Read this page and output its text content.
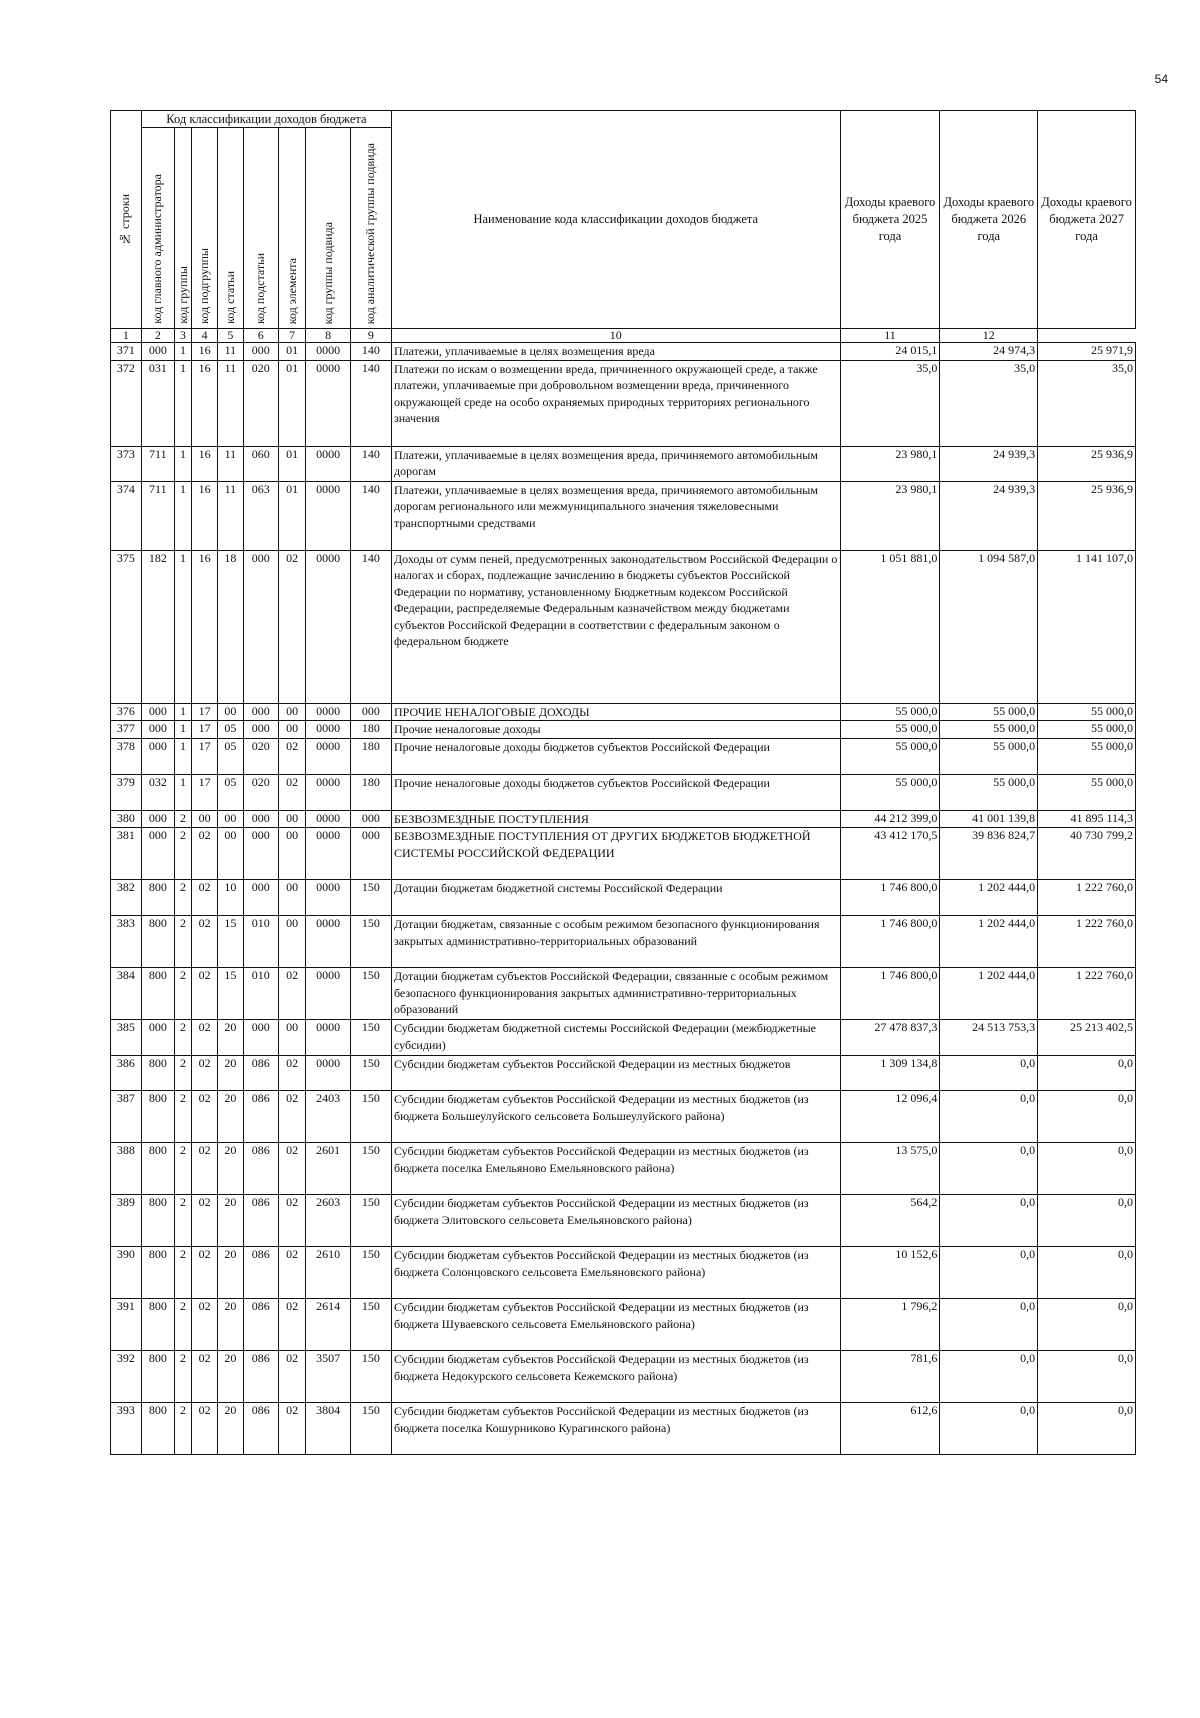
54
№ строки	Код классификации доходов бюджета								Наименование кода классификации доходов бюджета	Доходы краевого бюджета 2025 года	Доходы краевого бюджета 2026 года	Доходы краевого бюджета 2027 года

	код главного администратора	код группы	код подгруппы	код статьи	код подстатьи	код элемента	код группы подвида	код аналитической группы подвида				

1	2	3	4	5	6	7	8	9	10	11	12	
371	000	1	16	11	000	01	0000	140	Платежи, уплачиваемые в целях возмещения вреда	24 015,1	24 974,3	25 971,9
372	031	1	16	11	020	01	0000	140	Платежи по искам о возмещении вреда, причиненного окружающей среде, а также платежи, уплачиваемые при добровольном возмещении вреда, причиненного окружающей среде на особо охраняемых природных территориях регионального значения	35,0	35,0	35,0
373	711	1	16	11	060	01	0000	140	Платежи, уплачиваемые в целях возмещения вреда, причиняемого автомобильным дорогам	23 980,1	24 939,3	25 936,9
374	711	1	16	11	063	01	0000	140	Платежи, уплачиваемые в целях возмещения вреда, причиняемого автомобильным дорогам регионального или межмуниципального значения тяжеловесными транспортными средствами	23 980,1	24 939,3	25 936,9
375	182	1	16	18	000	02	0000	140	Доходы от сумм пеней, предусмотренных законодательством Российской Федерации о налогах и сборах, подлежащие зачислению в бюджеты субъектов Российской Федерации по нормативу, установленному Бюджетным кодексом Российской Федерации, распределяемые Федеральным казначейством между бюджетами субъектов Российской Федерации в соответствии с федеральным законом о федеральном бюджете	1 051 881,0	1 094 587,0	1 141 107,0
376	000	1	17	00	000	00	0000	000	ПРОЧИЕ НЕНАЛОГОВЫЕ ДОХОДЫ	55 000,0	55 000,0	55 000,0
377	000	1	17	05	000	00	0000	180	Прочие неналоговые доходы	55 000,0	55 000,0	55 000,0
378	000	1	17	05	020	02	0000	180	Прочие неналоговые доходы бюджетов субъектов Российской Федерации	55 000,0	55 000,0	55 000,0
379	032	1	17	05	020	02	0000	180	Прочие неналоговые доходы бюджетов субъектов Российской Федерации	55 000,0	55 000,0	55 000,0
380	000	2	00	00	000	00	0000	000	БЕЗВОЗМЕЗДНЫЕ ПОСТУПЛЕНИЯ	44 212 399,0	41 001 139,8	41 895 114,3
381	000	2	02	00	000	00	0000	000	БЕЗВОЗМЕЗДНЫЕ ПОСТУПЛЕНИЯ ОТ ДРУГИХ БЮДЖЕТОВ БЮДЖЕТНОЙ СИСТЕМЫ РОССИЙСКОЙ ФЕДЕРАЦИИ	43 412 170,5	39 836 824,7	40 730 799,2
382	800	2	02	10	000	00	0000	150	Дотации бюджетам бюджетной системы Российской Федерации	1 746 800,0	1 202 444,0	1 222 760,0
383	800	2	02	15	010	00	0000	150	Дотации бюджетам, связанные с особым режимом безопасного функционирования закрытых административно-территориальных образований	1 746 800,0	1 202 444,0	1 222 760,0
384	800	2	02	15	010	02	0000	150	Дотации бюджетам субъектов Российской Федерации, связанные с особым режимом безопасного функционирования закрытых административно-территориальных образований	1 746 800,0	1 202 444,0	1 222 760,0
385	000	2	02	20	000	00	0000	150	Субсидии бюджетам бюджетной системы Российской Федерации (межбюджетные субсидии)	27 478 837,3	24 513 753,3	25 213 402,5
386	800	2	02	20	086	02	0000	150	Субсидии бюджетам субъектов Российской Федерации из местных бюджетов	1 309 134,8	0,0	0,0
387	800	2	02	20	086	02	2403	150	Субсидии бюджетам субъектов Российской Федерации из местных бюджетов (из бюджета Большеулуйского сельсовета Большеулуйского района)	12 096,4	0,0	0,0
388	800	2	02	20	086	02	2601	150	Субсидии бюджетам субъектов Российской Федерации из местных бюджетов (из бюджета поселка Емельяново Емельяновского района)	13 575,0	0,0	0,0
389	800	2	02	20	086	02	2603	150	Субсидии бюджетам субъектов Российской Федерации из местных бюджетов (из бюджета Элитовского сельсовета Емельяновского района)	564,2	0,0	0,0
390	800	2	02	20	086	02	2610	150	Субсидии бюджетам субъектов Российской Федерации из местных бюджетов (из бюджета Солонцовского сельсовета Емельяновского района)	10 152,6	0,0	0,0
391	800	2	02	20	086	02	2614	150	Субсидии бюджетам субъектов Российской Федерации из местных бюджетов (из бюджета Шуваевского сельсовета Емельяновского района)	1 796,2	0,0	0,0
392	800	2	02	20	086	02	3507	150	Субсидии бюджетам субъектов Российской Федерации из местных бюджетов (из бюджета Недокурского сельсовета Кежемского района)	781,6	0,0	0,0
393	800	2	02	20	086	02	3804	150	Субсидии бюджетам субъектов Российской Федерации из местных бюджетов (из бюджета поселка Кошурниково Курагинского района)	612,6	0,0	0,0
